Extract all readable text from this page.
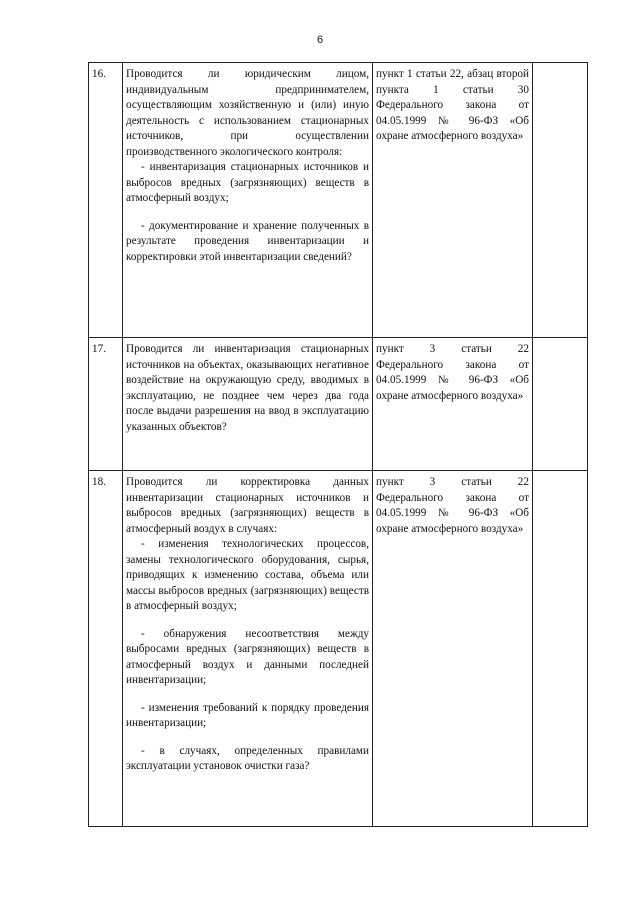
6
16.	Проводится ли юридическим лицом, индивидуальным предпринимателем, осуществляющим хозяйственную и (или) иную деятельность с использованием стационарных источников, при осуществлении производственного экологического контроля:

- инвентаризация стационарных источников и выбросов вредных (загрязняющих) веществ в атмосферный воздух;

- документирование и хранение полученных в результате проведения инвентаризации и корректировки этой инвентаризации сведений?	пункт 1 статьи 22, абзац второй пункта 1 статьи 30 Федерального закона от 04.05.1999 № 96-ФЗ «Об охране атмосферного воздуха»	
17.	Проводится ли инвентаризация стационарных источников на объектах, оказывающих негативное воздействие на окружающую среду, вводимых в эксплуатацию, не позднее чем через два года после выдачи разрешения на ввод в эксплуатацию указанных объектов?	пункт 3 статьи 22 Федерального закона от 04.05.1999 № 96-ФЗ «Об охране атмосферного воздуха»	
18.	Проводится ли корректировка данных инвентаризации стационарных источников и выбросов вредных (загрязняющих) веществ в атмосферный воздух в случаях:

- изменения технологических процессов, замены технологического оборудования, сырья, приводящих к изменению состава, объема или массы выбросов вредных (загрязняющих) веществ в атмосферный воздух;

- обнаружения несоответствия между выбросами вредных (загрязняющих) веществ в атмосферный воздух и данными последней инвентаризации;

- изменения требований к порядку проведения инвентаризации;

- в случаях, определенных правилами эксплуатации установок очистки газа?	пункт 3 статьи 22 Федерального закона от 04.05.1999 № 96-ФЗ «Об охране атмосферного воздуха»	
